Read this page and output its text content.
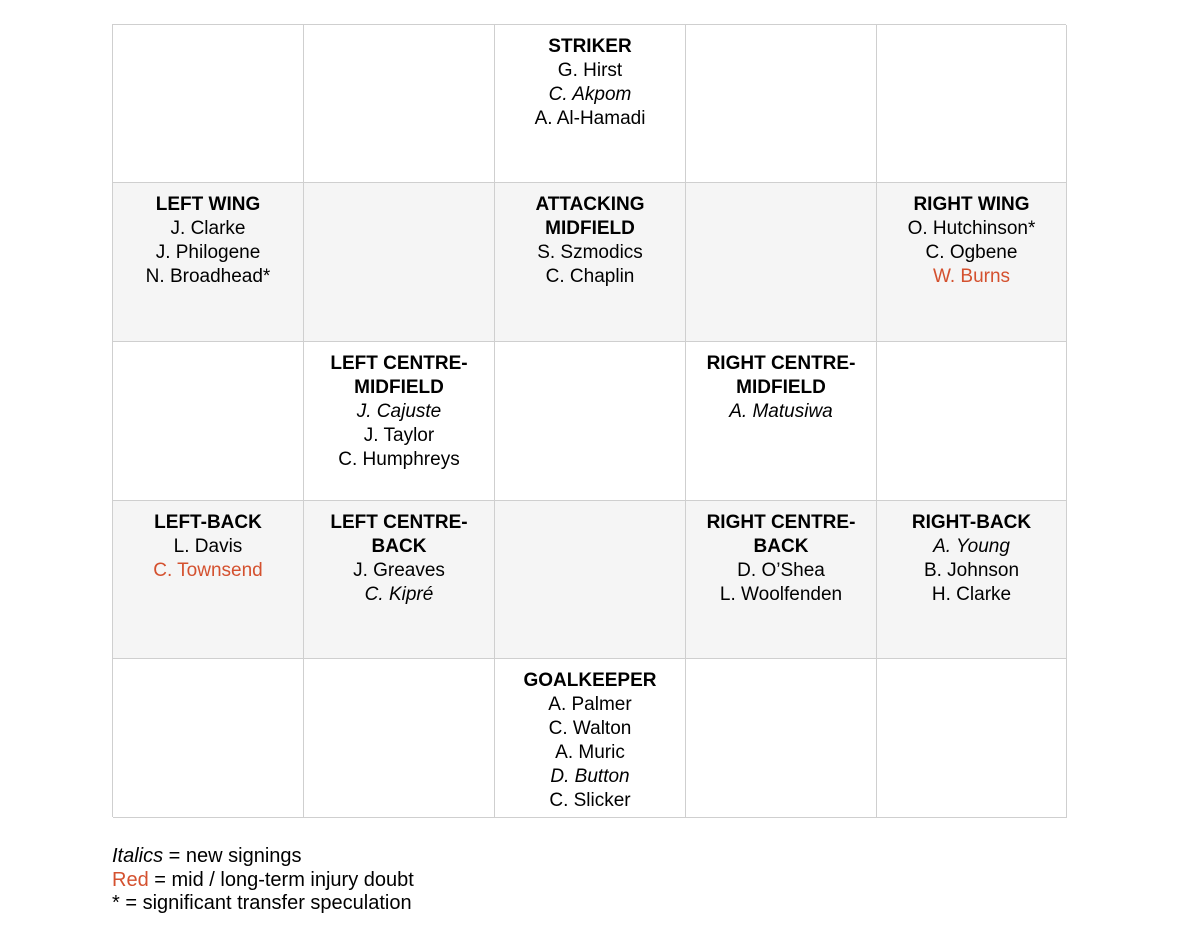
STRIKER
G. Hirst
C. Akpom
A. Al-Hamadi
LEFT WING
J. Clarke
J. Philogene
N. Broadhead*
ATTACKING
MIDFIELD
S. Szmodics
C. Chaplin
RIGHT WING
O. Hutchinson*
C. Ogbene
W. Burns
LEFT CENTRE-
MIDFIELD
J. Cajuste
J. Taylor
C. Humphreys
RIGHT CENTRE-
MIDFIELD
A. Matusiwa
LEFT-BACK
L. Davis
C. Townsend
LEFT CENTRE-
BACK
J. Greaves
C. Kipré
RIGHT CENTRE-
BACK
D. O’Shea
L. Woolfenden
RIGHT-BACK
A. Young
B. Johnson
H. Clarke
GOALKEEPER
A. Palmer
C. Walton
A. Muric
D. Button
C. Slicker
Italics = new signings
Red = mid / long-term injury doubt
* = significant transfer speculation
